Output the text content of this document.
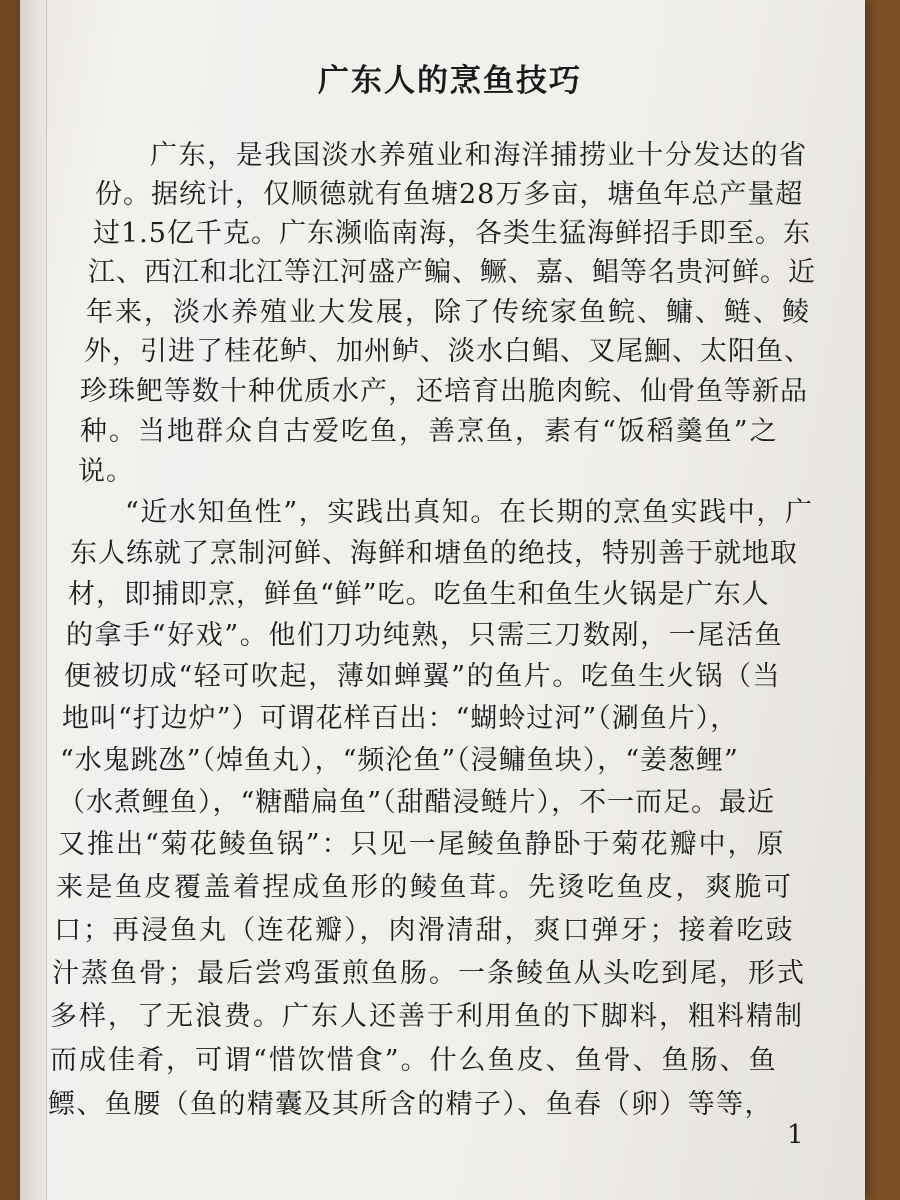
广东人的烹鱼技巧
广东，是我国淡水养殖业和海洋捕捞业十分发达的省
份。据统计，仅顺德就有鱼塘28万多亩，塘鱼年总产量超
过1.5亿千克。广东濒临南海，各类生猛海鲜招手即至。东
江、西江和北江等江河盛产鳊、鳜、嘉、鲳等名贵河鲜。近
年来，淡水养殖业大发展，除了传统家鱼鲩、鳙、鲢、鲮
外，引进了桂花鲈、加州鲈、淡水白鲳、叉尾鮰、太阳鱼、
珍珠鲃等数十种优质水产，还培育出脆肉鲩、仙骨鱼等新品
种。当地群众自古爱吃鱼，善烹鱼，素有“饭稻羹鱼”之
说。
“近水知鱼性”，实践出真知。在长期的烹鱼实践中，广
东人练就了烹制河鲜、海鲜和塘鱼的绝技，特别善于就地取
材，即捕即烹，鲜鱼“鲜”吃。吃鱼生和鱼生火锅是广东人
的拿手“好戏”。他们刀功纯熟，只需三刀数剐，一尾活鱼
便被切成“轻可吹起，薄如蝉翼”的鱼片。吃鱼生火锅（当
地叫“打边炉”）可谓花样百出：“蝴蛉过河”（涮鱼片），
“水鬼跳氹”（焯鱼丸），“频沦鱼”（浸鳙鱼块），“姜葱鲤”
（水煮鲤鱼），“糖醋扁鱼”（甜醋浸鲢片），不一而足。最近
又推出“菊花鲮鱼锅”：只见一尾鲮鱼静卧于菊花瓣中，原
来是鱼皮覆盖着捏成鱼形的鲮鱼茸。先烫吃鱼皮，爽脆可
口；再浸鱼丸（连花瓣），肉滑清甜，爽口弹牙；接着吃豉
汁蒸鱼骨；最后尝鸡蛋煎鱼肠。一条鲮鱼从头吃到尾，形式
多样，了无浪费。广东人还善于利用鱼的下脚料，粗料精制
而成佳肴，可谓“惜饮惜食”。什么鱼皮、鱼骨、鱼肠、鱼
鳔、鱼腰（鱼的精囊及其所含的精子）、鱼春（卵）等等，
1
